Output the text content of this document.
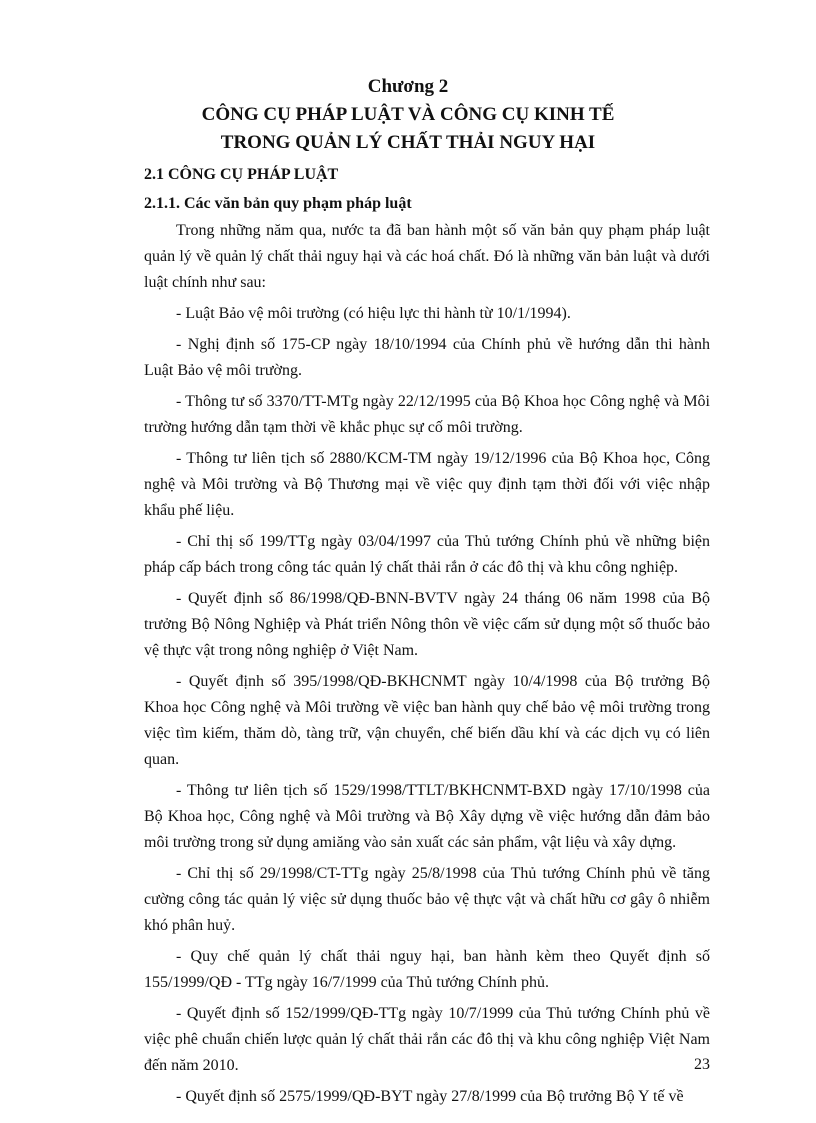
Chương 2
CÔNG CỤ PHÁP LUẬT VÀ CÔNG CỤ KINH TẾ
TRONG QUẢN LÝ CHẤT THẢI NGUY HẠI
2.1 CÔNG CỤ PHÁP LUẬT
2.1.1. Các văn bản quy phạm pháp luật

Trong những năm qua, nước ta đã ban hành một số văn bản quy phạm pháp luật quản lý về quản lý chất thải nguy hại và các hoá chất. Đó là những văn bản luật và dưới luật chính như sau:

- Luật Bảo vệ môi trường (có hiệu lực thi hành từ 10/1/1994).

- Nghị định số 175-CP ngày 18/10/1994 của Chính phủ về hướng dẫn thi hành Luật Bảo vệ môi trường.

- Thông tư số 3370/TT-MTg ngày 22/12/1995 của Bộ Khoa học Công nghệ và Môi trường hướng dẫn tạm thời về khắc phục sự cố môi trường.

- Thông tư liên tịch số 2880/KCM-TM ngày 19/12/1996 của Bộ Khoa học, Công nghệ và Môi trường và Bộ Thương mại về việc quy định tạm thời đối với việc nhập khẩu phế liệu.

- Chỉ thị số 199/TTg ngày 03/04/1997 của Thủ tướng Chính phủ về những biện pháp cấp bách trong công tác quản lý chất thải rắn ở các đô thị và khu công nghiệp.

- Quyết định số 86/1998/QĐ-BNN-BVTV ngày 24 tháng 06 năm 1998 của Bộ trưởng Bộ Nông Nghiệp và Phát triển Nông thôn về việc cấm sử dụng một số thuốc bảo vệ thực vật trong nông nghiệp ở Việt Nam.

- Quyết định số 395/1998/QĐ-BKHCNMT ngày 10/4/1998 của Bộ trưởng Bộ Khoa học Công nghệ và Môi trường về việc ban hành quy chế bảo vệ môi trường trong việc tìm kiếm, thăm dò, tàng trữ, vận chuyển, chế biến dầu khí và các dịch vụ có liên quan.

- Thông tư liên tịch số 1529/1998/TTLT/BKHCNMT-BXD ngày 17/10/1998 của Bộ Khoa học, Công nghệ và Môi trường và Bộ Xây dựng về việc hướng dẫn đảm bảo môi trường trong sử dụng amiăng vào sản xuất các sản phẩm, vật liệu và xây dựng.

- Chỉ thị số 29/1998/CT-TTg ngày 25/8/1998 của Thủ tướng Chính phủ về tăng cường công tác quản lý việc sử dụng thuốc bảo vệ thực vật và chất hữu cơ gây ô nhiễm khó phân huỷ.

- Quy chế quản lý chất thải nguy hại, ban hành kèm theo Quyết định số 155/1999/QĐ - TTg ngày 16/7/1999 của Thủ tướng Chính phủ.

- Quyết định số 152/1999/QĐ-TTg ngày 10/7/1999 của Thủ tướng Chính phủ về việc phê chuẩn chiến lược quản lý chất thải rắn các đô thị và khu công nghiệp Việt Nam đến năm 2010.

- Quyết định số 2575/1999/QĐ-BYT ngày 27/8/1999 của Bộ trưởng Bộ Y tế về

23
